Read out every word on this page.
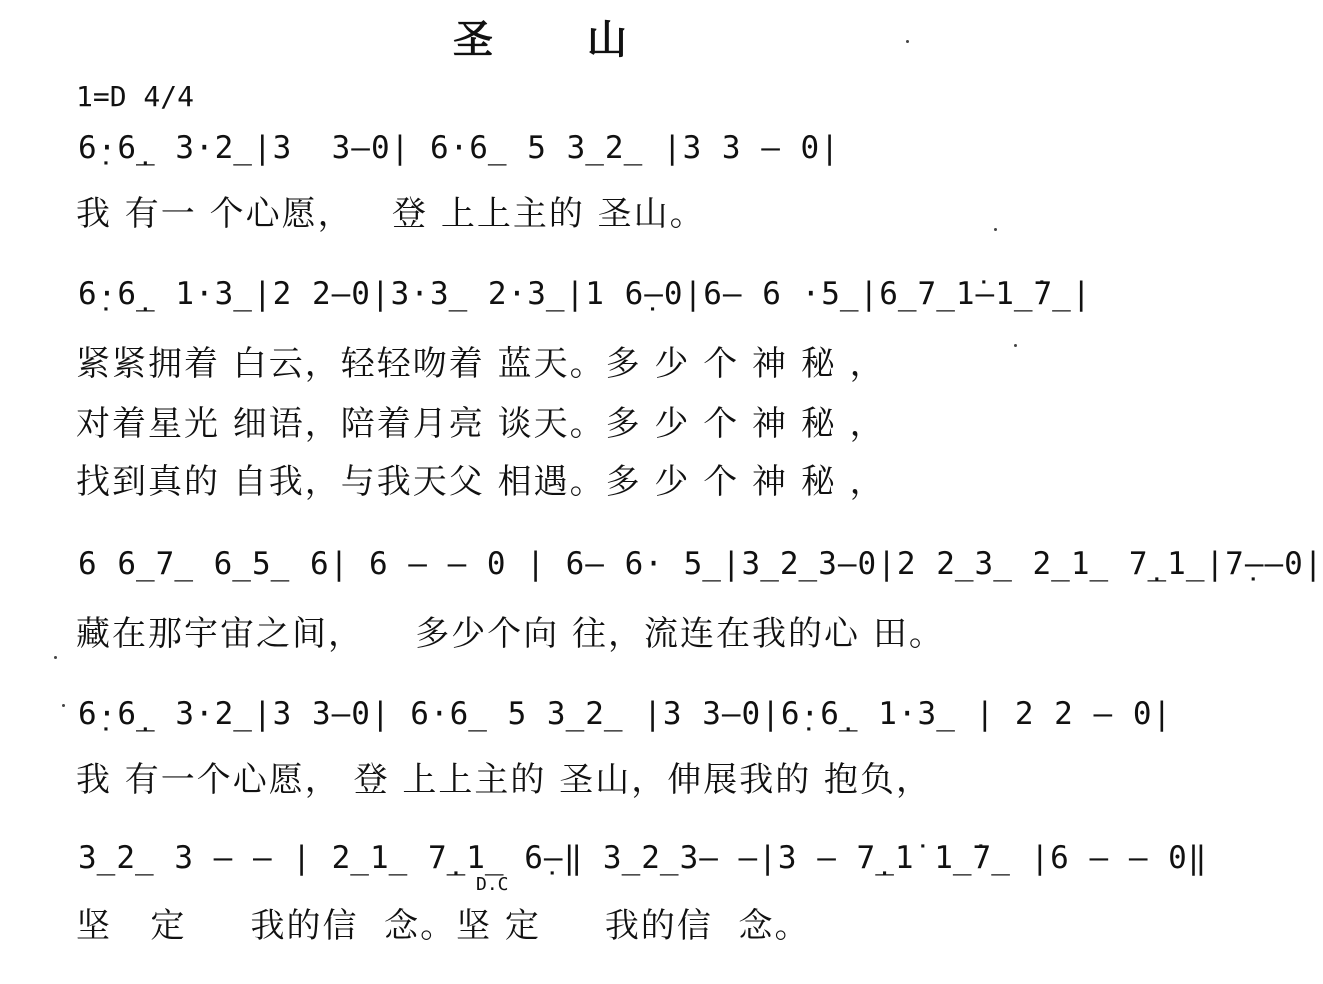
圣 山
1=D 4/4
6̣·6̣̲ 3·2̲|3  3–0| 6·6̲ 5 3̲2̲ |3 3 – 0|
我 有一 个心愿，   登 上上主的 圣山。
6̣·6̣̲ 1·3̲|2 2–0|3·3̲ 2·3̲|1 6̣–0|6– 6 ·5̲|6̲7̲1̇–1̲̇7̲|
紧紧拥着 白云，轻轻吻着 蓝天。多 少 个 神 秘 ，
对着星光 细语，陪着月亮 谈天。多 少 个 神 秘 ，
找到真的 自我，与我天父 相遇。多 少 个 神 秘 ，
6 6̲7̲ 6̲5̲ 6| 6 – – 0 | 6– 6· 5̲|3̲2̲3–0|2 2̲3̲ 2̲1̲ 7̣̲1̲|7̣––0|
藏在那宇宙之间，    多少个向 往，流连在我的心 田。
6̣·6̣̲ 3·2̲|3 3–0| 6·6̲ 5 3̲2̲ |3 3–0|6̣·6̣̲ 1·3̲ | 2 2 – 0|
我 有一个心愿， 登 上上主的 圣山，伸展我的 抱负，
3̲2̲ 3 – – | 2̲1̲ 7̣̲1̲ 6̣–‖ 3̲2̲3– –|3 – 7̣̲1̇ 1̲̇7̲ |6 – – 0‖
D.C
坚   定     我的信  念。坚 定     我的信  念。
